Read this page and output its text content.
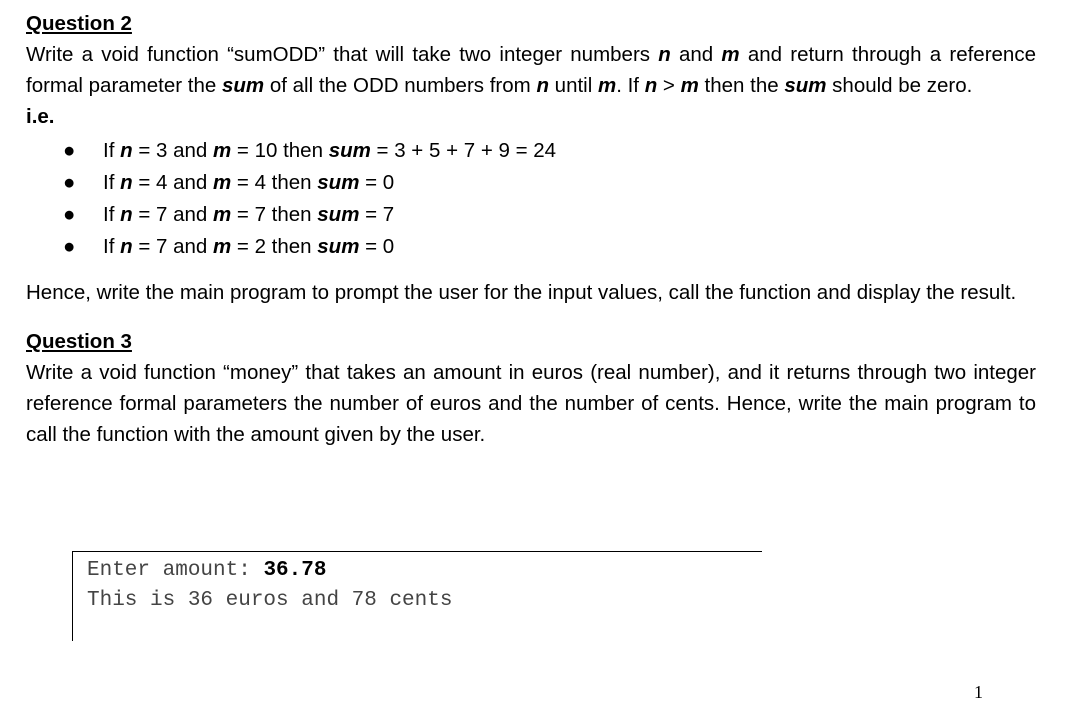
Question 2

Write a void function “sumODD” that will take two integer numbers n and m and return through a reference formal parameter the sum of all the ODD numbers from n until m. If n > m then the sum should be zero.

i.e.

● If n = 3 and m = 10 then sum = 3 + 5 + 7 + 9 = 24
● If n = 4 and m = 4 then sum = 0
● If n = 7 and m = 7 then sum = 7
● If n = 7 and m = 2 then sum = 0

Hence, write the main program to prompt the user for the input values, call the function and display the result.

Question 3

Write a void function “money” that takes an amount in euros (real number), and it returns through two integer reference formal parameters the number of euros and the number of cents. Hence, write the main program to call the function with the amount given by the user.

Enter amount: 36.78
This is 36 euros and 78 cents
1
